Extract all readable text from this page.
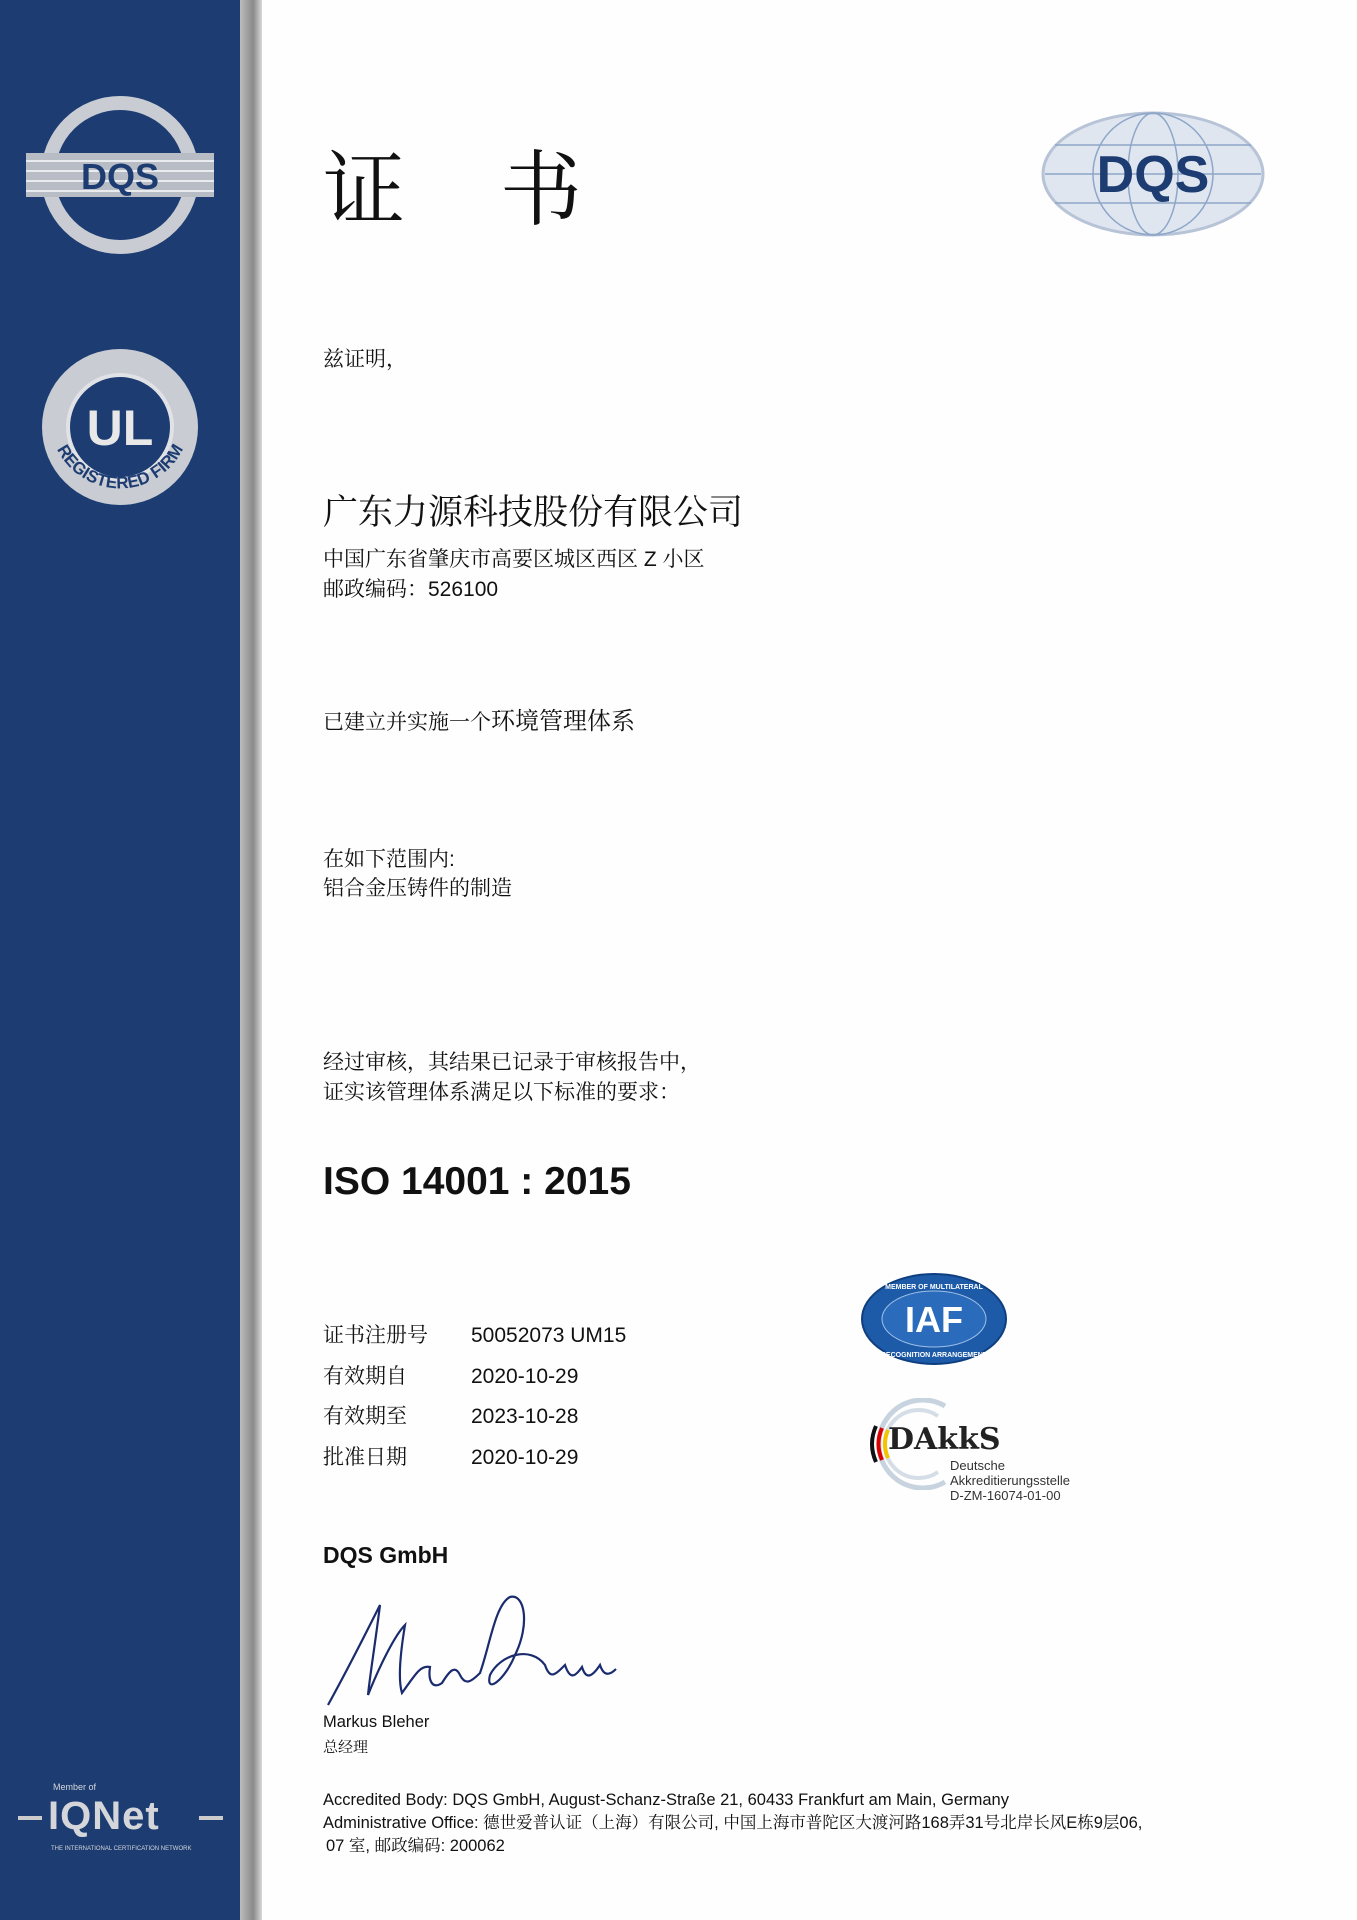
DQS
UL
REGISTERED FIRM
Member of
IQNet
THE INTERNATIONAL CERTIFICATION NETWORK
证书	DQS
兹证明，
广东力源科技股份有限公司
中国广东省肇庆市高要区城区西区 Z 小区
邮政编码：526100
已建立并实施一个环境管理体系
在如下范围内:
铝合金压铸件的制造
经过审核，其结果已记录于审核报告中，
证实该管理体系满足以下标准的要求：
ISO 14001 : 2015
证书注册号 50052073 UM15
有效期自	2020-10-29
有效期至	2023-10-28
批准日期	2020-10-29
IAF
MEMBER OF MULTILATERAL
RECOGNITION ARRANGEMENT
DAkkS
Deutsche
Akkreditierungsstelle
D-ZM-16074-01-00
DQS GmbH
Markus Bleher
总经理
Accredited Body: DQS GmbH, August-Schanz-Straße 21, 60433 Frankfurt am Main, Germany
Administrative Office: 德世爱普认证（上海）有限公司, 中国上海市普陀区大渡河路168弄31号北岸长风E栋9层06,
07 室, 邮政编码: 200062
